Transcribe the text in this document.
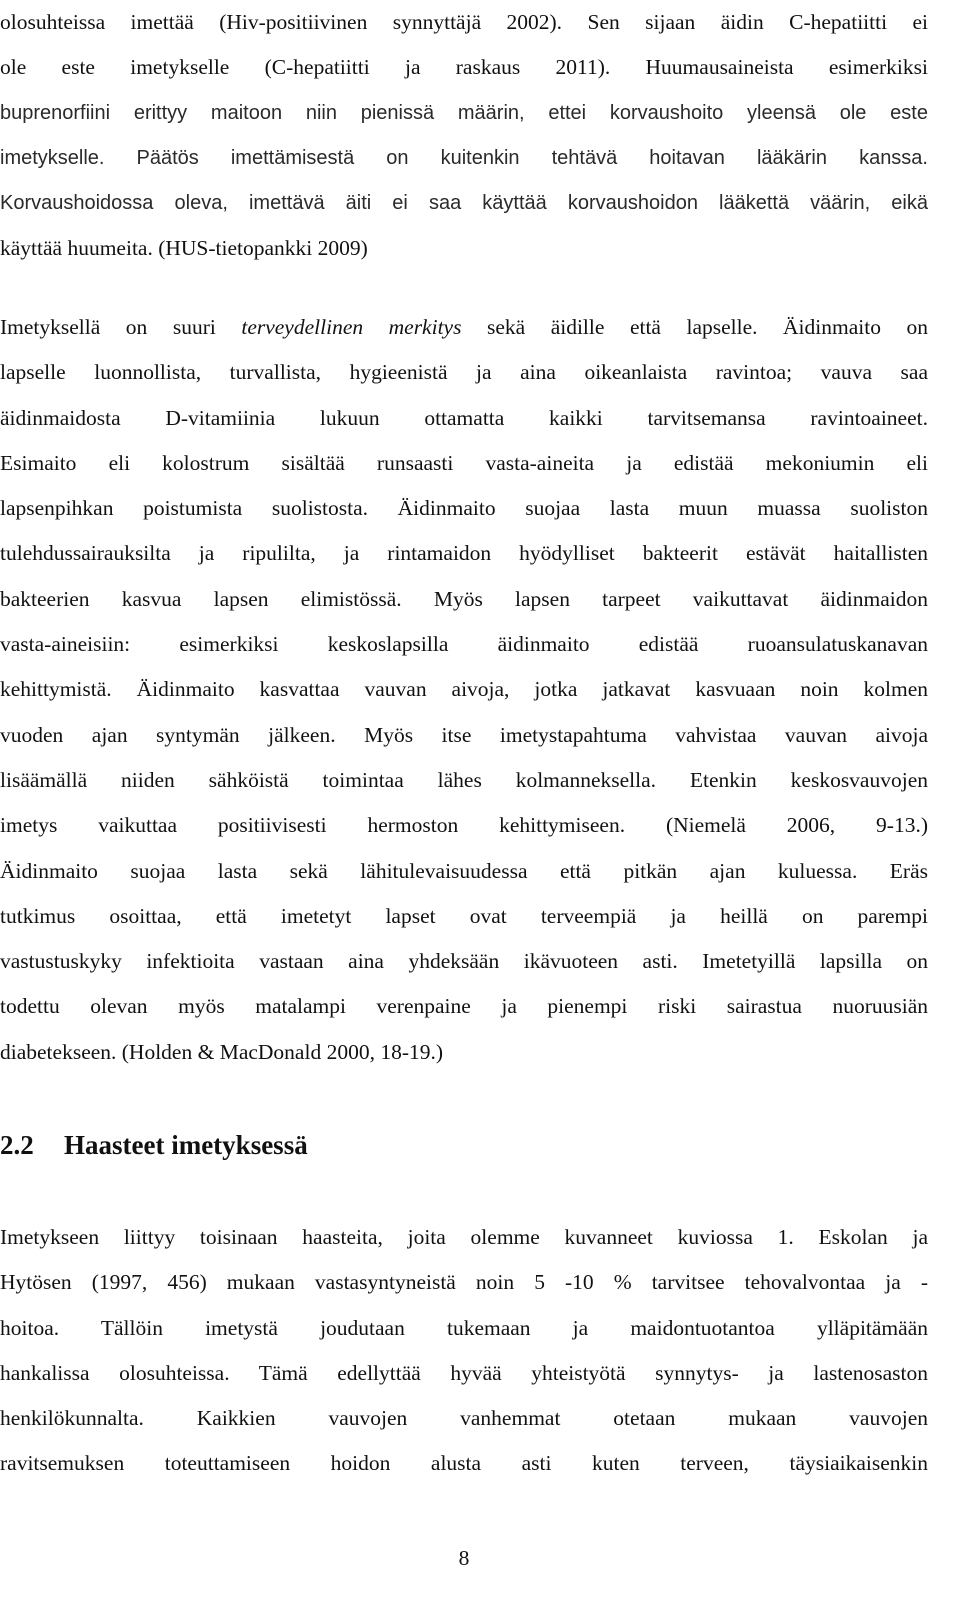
olosuhteissa imettää (Hiv-positiivinen synnyttäjä 2002). Sen sijaan äidin C-hepatiitti ei
ole este imetykselle (C-hepatiitti ja raskaus 2011). Huumausaineista esimerkiksi
buprenorfiini erittyy maitoon niin pienissä määrin, ettei korvaushoito yleensä ole este
imetykselle. Päätös imettämisestä on kuitenkin tehtävä hoitavan lääkärin kanssa.
Korvaushoidossa oleva, imettävä äiti ei saa käyttää korvaushoidon lääkettä väärin, eikä
käyttää huumeita. (HUS-tietopankki 2009)
Imetyksellä on suuri terveydellinen merkitys sekä äidille että lapselle. Äidinmaito on
lapselle luonnollista, turvallista, hygieenistä ja aina oikeanlaista ravintoa; vauva saa
äidinmaidosta D-vitamiinia lukuun ottamatta kaikki tarvitsemansa ravintoaineet.
Esimaito eli kolostrum sisältää runsaasti vasta-aineita ja edistää mekoniumin eli
lapsenpihkan poistumista suolistosta. Äidinmaito suojaa lasta muun muassa suoliston
tulehdussairauksilta ja ripulilta, ja rintamaidon hyödylliset bakteerit estävät haitallisten
bakteerien kasvua lapsen elimistössä. Myös lapsen tarpeet vaikuttavat äidinmaidon
vasta-aineisiin: esimerkiksi keskoslapsilla äidinmaito edistää ruoansulatuskanavan
kehittymistä. Äidinmaito kasvattaa vauvan aivoja, jotka jatkavat kasvuaan noin kolmen
vuoden ajan syntymän jälkeen. Myös itse imetystapahtuma vahvistaa vauvan aivoja
lisäämällä niiden sähköistä toimintaa lähes kolmanneksella. Etenkin keskosvauvojen
imetys vaikuttaa positiivisesti hermoston kehittymiseen. (Niemelä 2006, 9-13.)
Äidinmaito suojaa lasta sekä lähitulevaisuudessa että pitkän ajan kuluessa. Eräs
tutkimus osoittaa, että imetetyt lapset ovat terveempiä ja heillä on parempi
vastustuskyky infektioita vastaan aina yhdeksään ikävuoteen asti. Imetetyillä lapsilla on
todettu olevan myös matalampi verenpaine ja pienempi riski sairastua nuoruusiän
diabetekseen. (Holden & MacDonald 2000, 18-19.)
2.2 Haasteet imetyksessä
Imetykseen liittyy toisinaan haasteita, joita olemme kuvanneet kuviossa 1. Eskolan ja
Hytösen (1997, 456) mukaan vastasyntyneistä noin 5 -10 % tarvitsee tehovalvontaa ja -
hoitoa. Tällöin imetystä joudutaan tukemaan ja maidontuotantoa ylläpitämään
hankalissa olosuhteissa. Tämä edellyttää hyvää yhteistyötä synnytys- ja lastenosaston
henkilökunnalta. Kaikkien vauvojen vanhemmat otetaan mukaan vauvojen
ravitsemuksen toteuttamiseen hoidon alusta asti kuten terveen, täysiaikaisenkin
8
